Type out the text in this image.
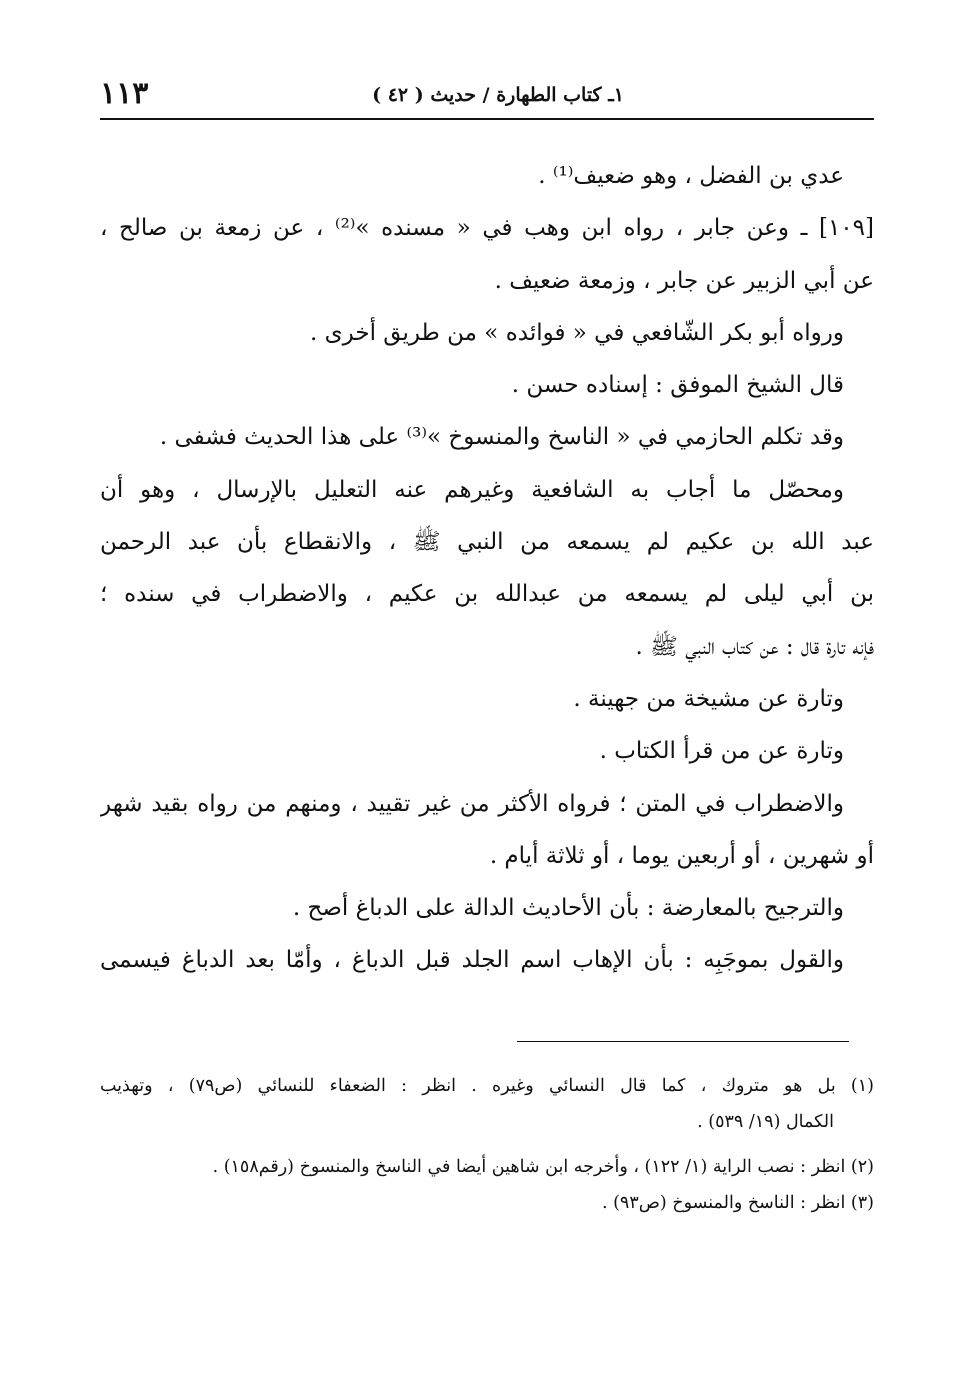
١١٣	١ـ كتاب الطهارة / حديث ( ٤٢ )
عدي بن الفضل ، وهو ضعيف⁽¹⁾ .
[١٠٩] ـ وعن جابر ، رواه ابن وهب في « مسنده »⁽²⁾ ، عن زمعة بن صالح ،
عن أبي الزبير عن جابر ، وزمعة ضعيف .
ورواه أبو بكر الشّافعي في « فوائده » من طريق أخرى .
قال الشيخ الموفق : إسناده حسن .
وقد تكلم الحازمي في « الناسخ والمنسوخ »⁽³⁾ على هذا الحديث فشفى .
ومحصّل ما أجاب به الشافعية وغيرهم عنه التعليل بالإرسال ، وهو أن
عبد الله بن عكيم لم يسمعه من النبي ﷺ ، والانقطاع بأن عبد الرحمن
بن أبي ليلى لم يسمعه من عبدالله بن عكيم ، والاضطراب في سنده ؛
فإنه تارة قال : عن كتاب النبي ﷺ .
وتارة عن مشيخة من جهينة .
وتارة عن من قرأ الكتاب .
والاضطراب في المتن ؛ فرواه الأكثر من غير تقييد ، ومنهم من رواه بقيد شهر
أو شهرين ، أو أربعين يوما ، أو ثلاثة أيام .
والترجيح بالمعارضة : بأن الأحاديث الدالة على الدباغ أصح .
والقول بموجَبِه : بأن الإهاب اسم الجلد قبل الدباغ ، وأمّا بعد الدباغ فيسمى
(١) بل هو متروك ، كما قال النسائي وغيره . انظر : الضعفاء للنسائي (ص٧٩) ، وتهذيب
الكمال (١٩/ ٥٣٩) .
(٢) انظر : نصب الراية (١/ ١٢٢) ، وأخرجه ابن شاهين أيضا في الناسخ والمنسوخ (رقم١٥٨) .
(٣) انظر : الناسخ والمنسوخ (ص٩٣) .
